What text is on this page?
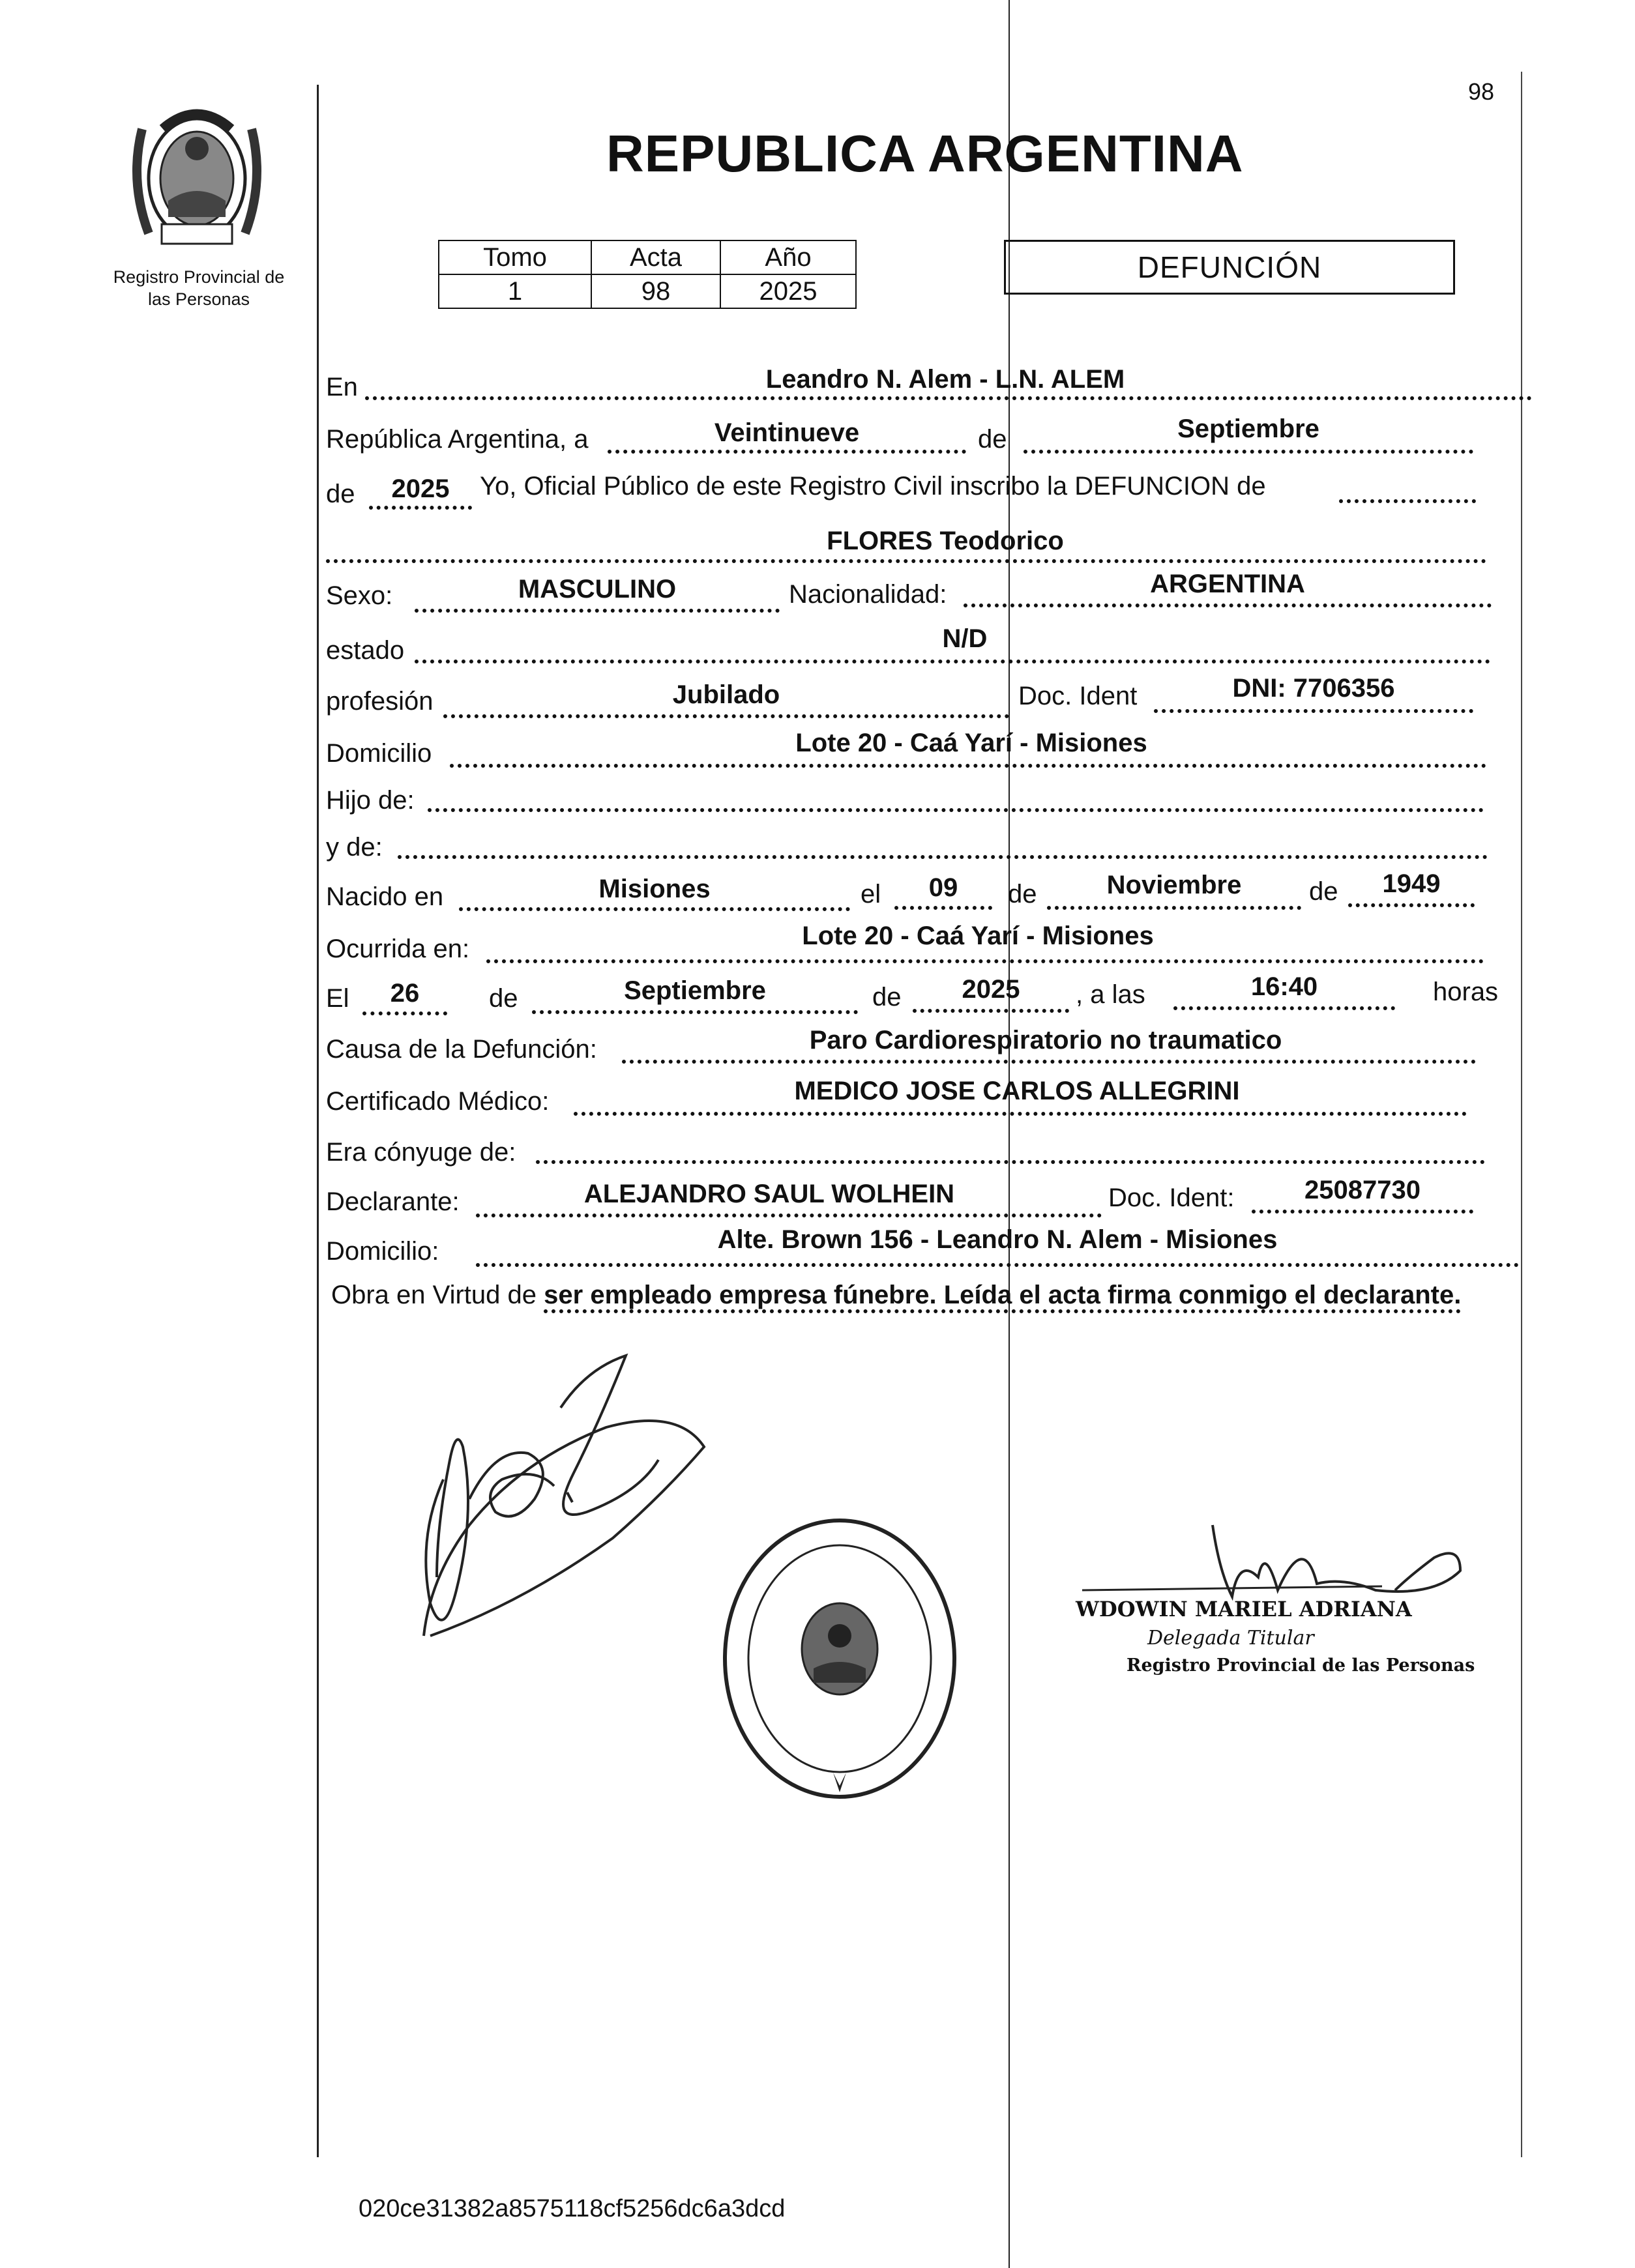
98
Registro Provincial de
las Personas
REPUBLICA ARGENTINA
Tomo	Acta	Año
1	98	2025
DEFUNCIÓN
En	Leandro N. Alem - L.N. ALEM
República Argentina, a	Veintinueve	de	Septiembre
de	2025	Yo, Oficial Público de este Registro Civil inscribo la DEFUNCION de
FLORES Teodorico
Sexo:	MASCULINO	Nacionalidad:	ARGENTINA
estado	N/D
profesión	Jubilado	Doc. Ident	DNI: 7706356
Domicilio	Lote 20 - Caá Yarí - Misiones
Hijo de:
y de:
Nacido en	Misiones	el	09	de	Noviembre	de	1949
Ocurrida en:	Lote 20 - Caá Yarí - Misiones
El	26	de	Septiembre	de	2025	, a las	16:40	horas
Causa de la Defunción:	Paro Cardiorespiratorio no traumatico
Certificado Médico:	MEDICO JOSE CARLOS ALLEGRINI
Era cónyuge de:
Declarante:	ALEJANDRO SAUL WOLHEIN	Doc. Ident:	25087730
Domicilio:	Alte. Brown 156 - Leandro N. Alem - Misiones
Obra en Virtud de ser empleado empresa fúnebre. Leída el acta firma conmigo el declarante.
WDOWIN MARIEL ADRIANA
Delegada Titular
Registro Provincial de las Personas
020ce31382a8575118cf5256dc6a3dcd
